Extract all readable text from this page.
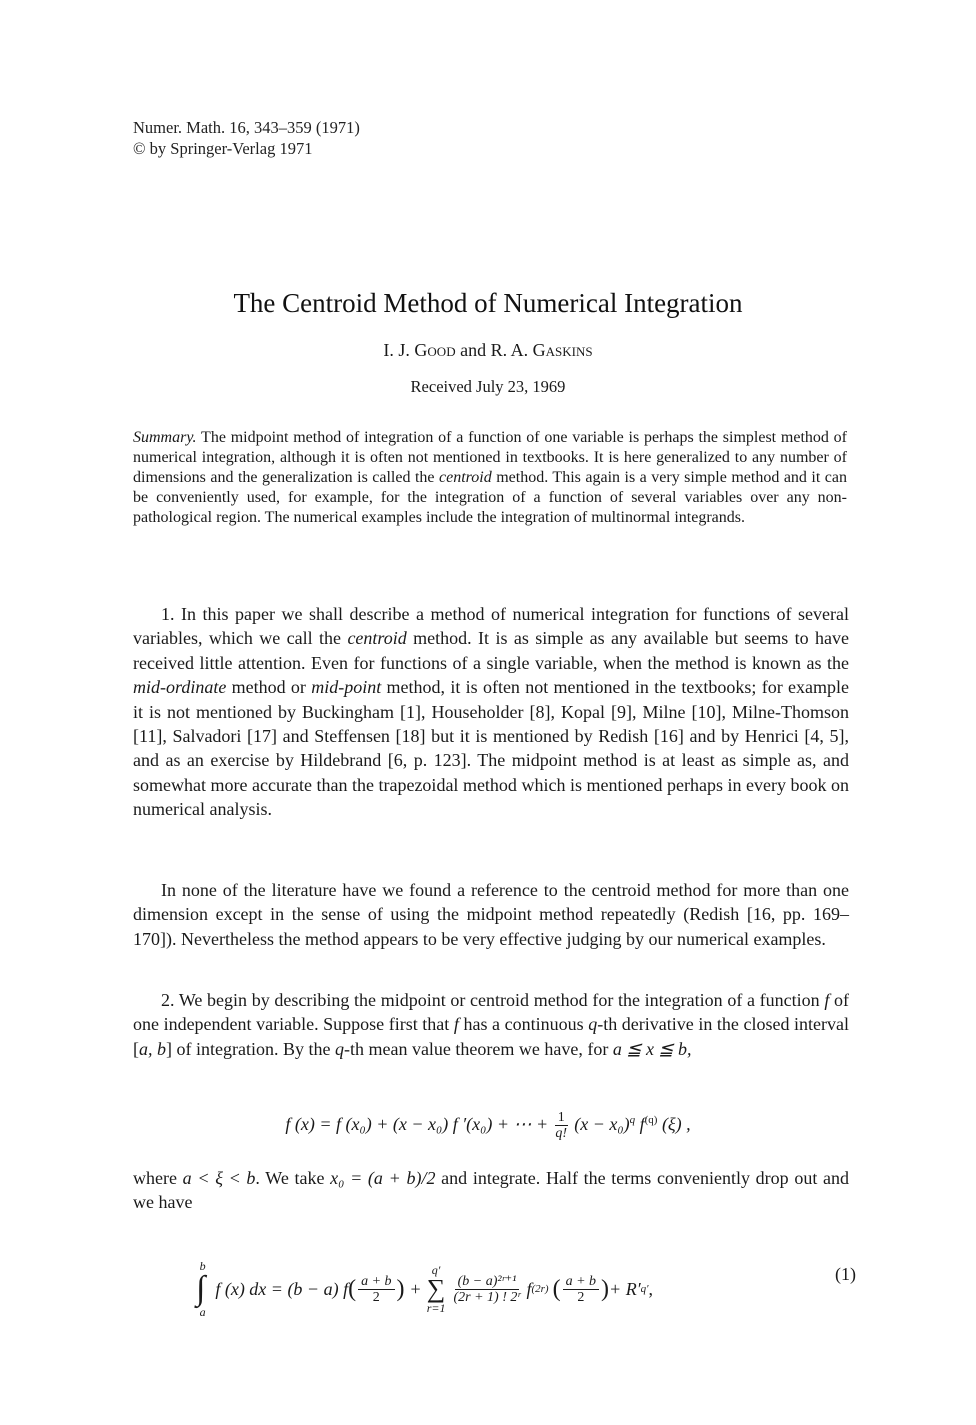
Numer. Math. 16, 343–359 (1971)
© by Springer-Verlag 1971
The Centroid Method of Numerical Integration
I. J. Good and R. A. Gaskins
Received July 23, 1969
Summary. The midpoint method of integration of a function of one variable is perhaps the simplest method of numerical integration, although it is often not mentioned in textbooks. It is here generalized to any number of dimensions and the generalization is called the centroid method. This again is a very simple method and it can be conveniently used, for example, for the integration of a function of several variables over any non-pathological region. The numerical examples include the integration of multinormal integrands.

1. In this paper we shall describe a method of numerical integration for functions of several variables, which we call the centroid method. It is as simple as any available but seems to have received little attention. Even for functions of a single variable, when the method is known as the mid-ordinate method or mid-point method, it is often not mentioned in the textbooks; for example it is not mentioned by Buckingham [1], Householder [8], Kopal [9], Milne [10], Milne-Thomson [11], Salvadori [17] and Steffensen [18] but it is mentioned by Redish [16] and by Henrici [4, 5], and as an exercise by Hildebrand [6, p. 123]. The midpoint method is at least as simple as, and somewhat more accurate than the trapezoidal method which is mentioned perhaps in every book on numerical analysis.

In none of the literature have we found a reference to the centroid method for more than one dimension except in the sense of using the midpoint method repeatedly (Redish [16, pp. 169–170]). Nevertheless the method appears to be very effective judging by our numerical examples.

2. We begin by describing the midpoint or centroid method for the integration of a function f of one independent variable. Suppose first that f has a continuous q-th derivative in the closed interval [a, b] of integration. By the q-th mean value theorem we have, for a ≦ x ≦ b,

f (x) = f (x₀) + (x − x₀) f ′(x₀) + ⋯ + $\frac{1}{q!} (x - x_0)^q$ $f^{(q)}$ (ξ) ,

where a < ξ < b. We take x₀ = (a + b)/2 and integrate. Half the terms conveniently drop out and we have

b
∫
a
f (x) dx = (b − a) f ( $\frac{a + b}{2}$ ) +
q′
∑
r=1
$\frac{\text{(b − a)²ʳ⁺¹}}{\text{(2r + 1) ! 2ʳ}}$ f (2r) ( $\frac{a + b}{2}$ ) + R′ q′ ,
(1)
